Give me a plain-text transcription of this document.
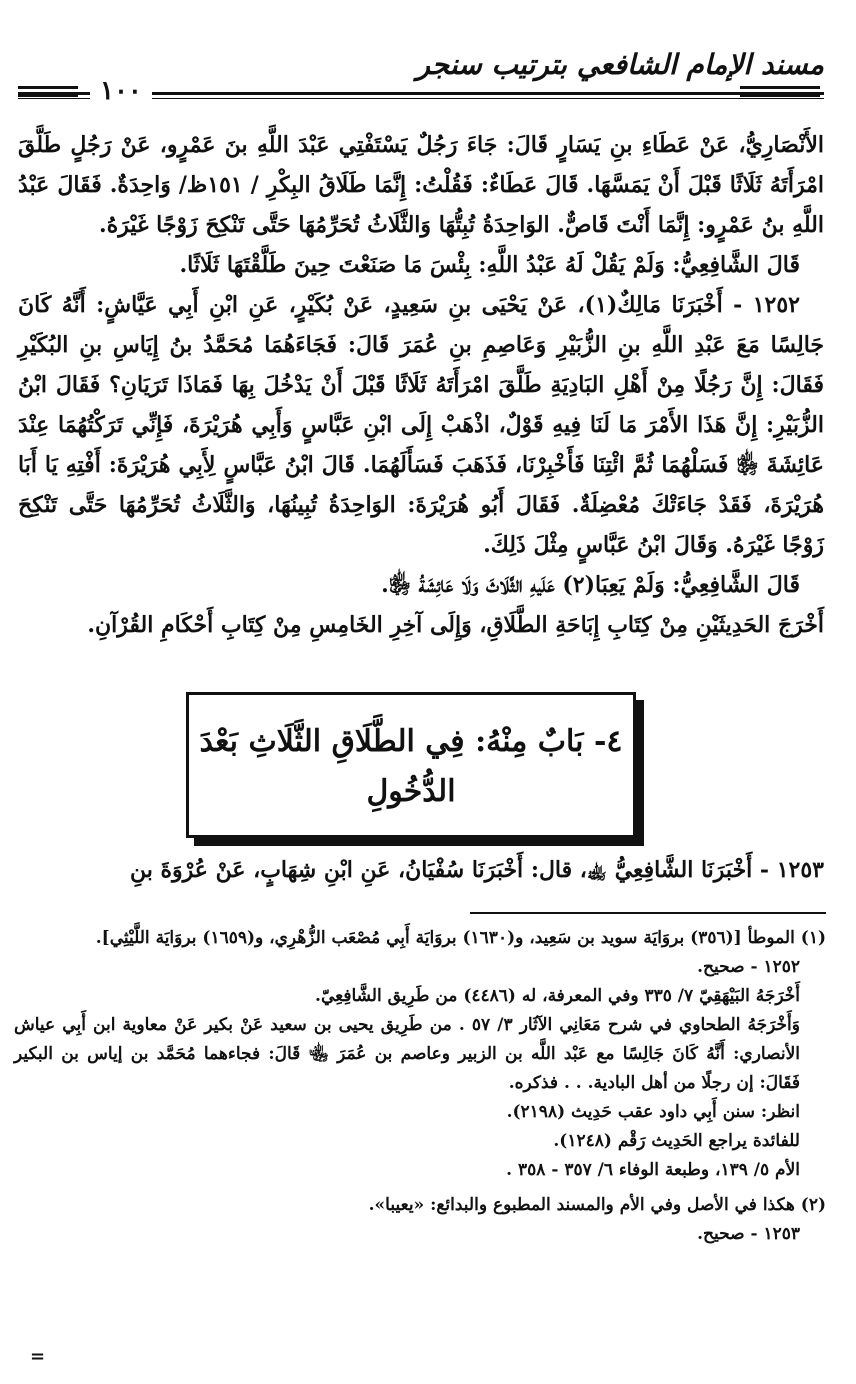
مسند الإمام الشافعي بترتيب سنجر
١٠٠

الأَنْصَارِيُّ، عَنْ عَطَاءِ بنِ يَسَارٍ قَالَ: جَاءَ رَجُلٌ يَسْتَفْتِي عَبْدَ اللَّهِ بنَ عَمْرٍو، عَنْ رَجُلٍ طَلَّقَ امْرَأَتَهُ ثَلَاثًا قَبْلَ أَنْ يَمَسَّهَا. قَالَ عَطَاءٌ: فَقُلْتُ: إِنَّمَا طَلَاقُ البِكْرِ / ١٥١ظ/ وَاحِدَةٌ. فَقَالَ عَبْدُ اللَّهِ بنُ عَمْرٍو: إِنَّمَا أَنْتَ قَاصٌّ. الوَاحِدَةُ تُبِتُّهَا وَالثَّلَاثُ تُحَرِّمُهَا حَتَّى تَنْكِحَ زَوْجًا غَيْرَهُ.

قَالَ الشَّافِعِيُّ: وَلَمْ يَقُلْ لَهُ عَبْدُ اللَّهِ: بِئْسَ مَا صَنَعْتَ حِينَ طَلَّقْتَهَا ثَلَاثًا.

١٢٥٢ - أَخْبَرَنَا مَالِكٌ(١)، عَنْ يَحْيَى بنِ سَعِيدٍ، عَنْ بُكَيْرٍ، عَنِ ابْنِ أَبِي عَيَّاشٍ: أَنَّهُ كَانَ جَالِسًا مَعَ عَبْدِ اللَّهِ بنِ الزُّبَيْرِ وَعَاصِمِ بنِ عُمَرَ قَالَ: فَجَاءَهُمَا مُحَمَّدُ بنُ إِيَاسِ بنِ البُكَيْرِ فَقَالَ: إِنَّ رَجُلًا مِنْ أَهْلِ البَادِيَةِ طَلَّقَ امْرَأَتَهُ ثَلَاثًا قَبْلَ أَنْ يَدْخُلَ بِهَا فَمَاذَا تَرَيَانِ؟ فَقَالَ ابْنُ الزُّبَيْرِ: إِنَّ هَذَا الأَمْرَ مَا لَنَا فِيهِ قَوْلٌ، اذْهَبْ إِلَى ابْنِ عَبَّاسٍ وَأَبِي هُرَيْرَةَ، فَإِنِّي تَرَكْتُهُمَا عِنْدَ عَائِشَةَ ﵂ فَسَلْهُمَا ثُمَّ ائْتِنَا فَأَخْبِرْنَا، فَذَهَبَ فَسَأَلَهُمَا. قَالَ ابْنُ عَبَّاسٍ لِأَبِي هُرَيْرَةَ: أَفْتِهِ يَا أَبَا هُرَيْرَةَ، فَقَدْ جَاءَتْكَ مُعْضِلَةٌ. فَقَالَ أَبُو هُرَيْرَةَ: الوَاحِدَةُ تُبِينُهَا، وَالثَّلَاثُ تُحَرِّمُهَا حَتَّى تَنْكِحَ زَوْجًا غَيْرَهُ. وَقَالَ ابْنُ عَبَّاسٍ مِثْلَ ذَلِكَ.

قَالَ الشَّافِعِيُّ: وَلَمْ يَعِبَا(٢) عَلَيهِ الثَّلَاثَ وَلَا عَائِشَةُ ﵂.

أَخْرَجَ الحَدِيثَيْنِ مِنْ كِتَابِ إِبَاحَةِ الطَّلَاقِ، وَإِلَى آخِرِ الخَامِسِ مِنْ كِتَابِ أَحْكَامِ القُرْآنِ.

٤- بَابٌ مِنْهُ: فِي الطَّلَاقِ الثَّلَاثِ بَعْدَ الدُّخُولِ

١٢٥٣ - أَخْبَرَنَا الشَّافِعِيُّ ﵀، قال: أَخْبَرَنَا سُفْيَانُ، عَنِ ابْنِ شِهَابٍ، عَنْ عُرْوَةَ بنِ

(١) الموطأ [(٣٥٦) بروَايَة سويد بن سَعِيد، و(١٦٣٠) بروَايَة أَبِي مُصْعَب الزُّهْرِي، و(١٦٥٩) بروَايَة اللَّيْثِي].

١٢٥٢ - صحيح.

أَخْرَجَهُ البَيْهَقِيّ ٧/ ٣٣٥ وفي المعرفة، له (٤٤٨٦) من طَرِيق الشَّافِعِيّ.

وَأَخْرَجَهُ الطحاوي في شرح مَعَانِي الآثَار ٣/ ٥٧ . من طَرِيق يحيى بن سعيد عَنْ بكير عَنْ معاوية ابن أَبِي عياش الأنصاري: أَنَّهُ كَانَ جَالِسًا مع عَبْد اللَّه بن الزبير وعاصم بن عُمَرَ ﵄ قَالَ: فجاءهما مُحَمَّد بن إياس بن البكير فَقَالَ: إن رجلًا من أهل البادية. . . فذكره.

انظر: سنن أَبِي داود عقب حَدِيث (٢١٩٨).

للفائدة يراجع الحَدِيث رَقْم (١٢٤٨).

الأم ٥/ ١٣٩، وطبعة الوفاء ٦/ ٣٥٧ - ٣٥٨ .

(٢) هكذا في الأصل وفي الأم والمسند المطبوع والبدائع: «يعيبا».

١٢٥٣ - صحيح.

=
